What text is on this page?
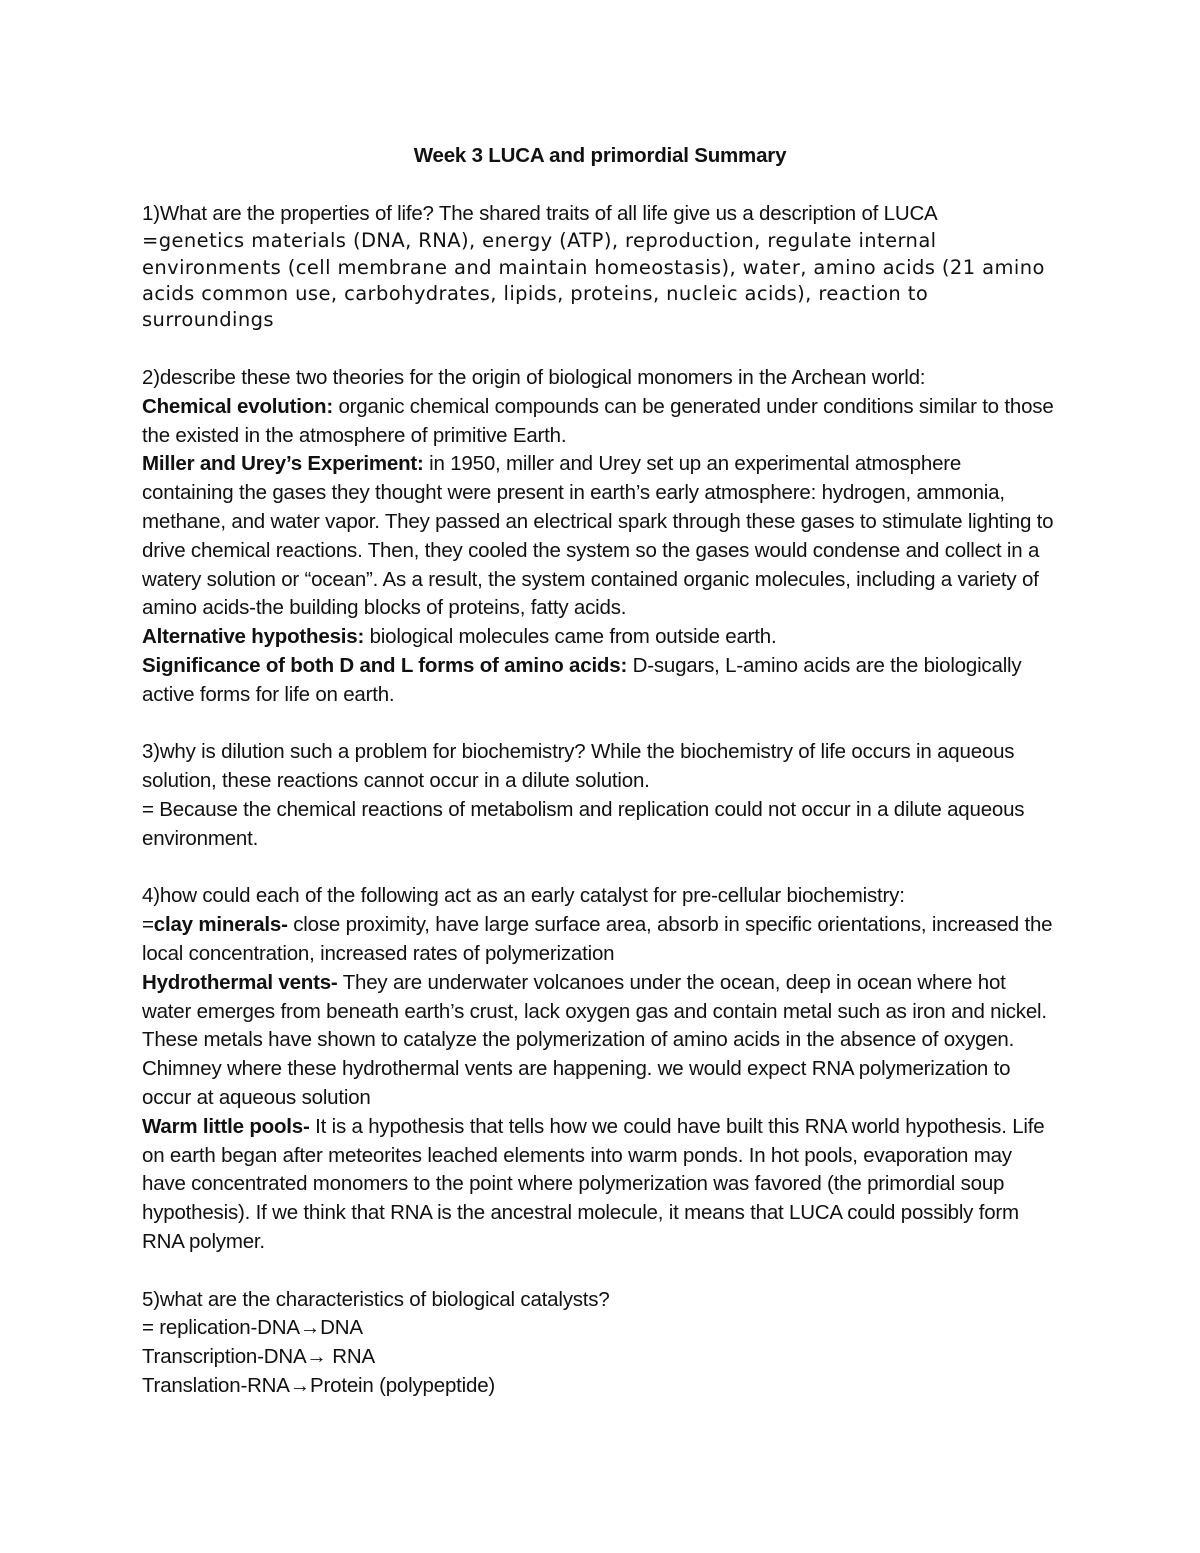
Week 3 LUCA and primordial Summary

1)What are the properties of life? The shared traits of all life give us a description of LUCA

=genetics materials (DNA, RNA), energy (ATP), reproduction, regulate internal environments (cell membrane and maintain homeostasis), water, amino acids (21 amino acids common use, carbohydrates, lipids, proteins, nucleic acids), reaction to surroundings

2)describe these two theories for the origin of biological monomers in the Archean world:

Chemical evolution: organic chemical compounds can be generated under conditions similar to those the existed in the atmosphere of primitive Earth.

Miller and Urey’s Experiment: in 1950, miller and Urey set up an experimental atmosphere containing the gases they thought were present in earth’s early atmosphere: hydrogen, ammonia, methane, and water vapor. They passed an electrical spark through these gases to stimulate lighting to drive chemical reactions. Then, they cooled the system so the gases would condense and collect in a watery solution or “ocean”. As a result, the system contained organic molecules, including a variety of amino acids-the building blocks of proteins, fatty acids.

Alternative hypothesis: biological molecules came from outside earth.

Significance of both D and L forms of amino acids: D-sugars, L-amino acids are the biologically active forms for life on earth.

3)why is dilution such a problem for biochemistry? While the biochemistry of life occurs in aqueous solution, these reactions cannot occur in a dilute solution.

= Because the chemical reactions of metabolism and replication could not occur in a dilute aqueous environment.

4)how could each of the following act as an early catalyst for pre-cellular biochemistry:

=clay minerals- close proximity, have large surface area, absorb in specific orientations, increased the local concentration, increased rates of polymerization

Hydrothermal vents- They are underwater volcanoes under the ocean, deep in ocean where hot water emerges from beneath earth’s crust, lack oxygen gas and contain metal such as iron and nickel. These metals have shown to catalyze the polymerization of amino acids in the absence of oxygen. Chimney where these hydrothermal vents are happening. we would expect RNA polymerization to occur at aqueous solution

Warm little pools- It is a hypothesis that tells how we could have built this RNA world hypothesis. Life on earth began after meteorites leached elements into warm ponds. In hot pools, evaporation may have concentrated monomers to the point where polymerization was favored (the primordial soup hypothesis). If we think that RNA is the ancestral molecule, it means that LUCA could possibly form RNA polymer.

5)what are the characteristics of biological catalysts?

= replication-DNA→DNA

Transcription-DNA→ RNA

Translation-RNA→Protein (polypeptide)
